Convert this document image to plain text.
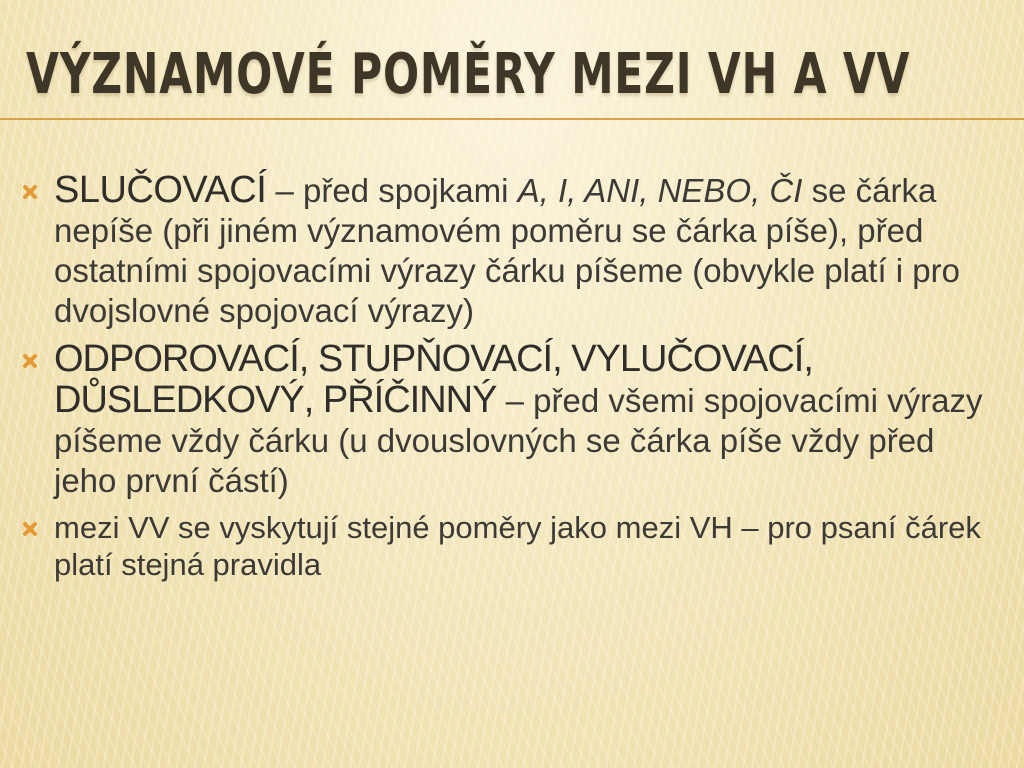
VÝZNAMOVÉ POMĚRY MEZI VH A VV
SLUČOVACÍ – před spojkami A, I, ANI, NEBO, ČI se čárka nepíše (při jiném významovém poměru se čárka píše), před ostatními spojovacími výrazy čárku píšeme (obvykle platí i pro dvojslovné spojovací výrazy)
ODPOROVACÍ, STUPŇOVACÍ, VYLUČOVACÍ, DŮSLEDKOVÝ, PŘÍČINNÝ – před všemi spojovacími výrazy píšeme vždy čárku (u dvouslovných se čárka píše vždy před jeho první částí)
mezi VV se vyskytují stejné poměry jako mezi VH – pro psaní čárek platí stejná pravidla
